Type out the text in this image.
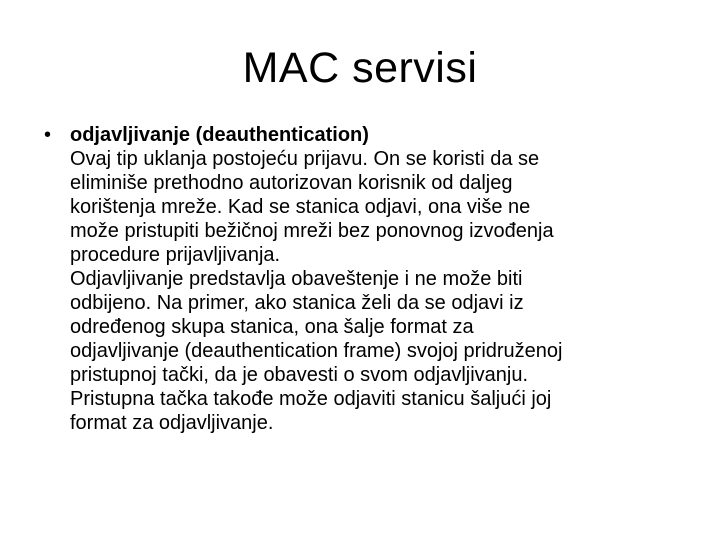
MAC servisi
• odjavljivanje (deauthentication)
Ovaj tip uklanja postojeću prijavu. On se koristi da se
eliminiše prethodno autorizovan korisnik od daljeg
korištenja mreže. Kad se stanica odjavi, ona više ne
može pristupiti bežičnoj mreži bez ponovnog izvođenja
procedure prijavljivanja.
Odjavljivanje predstavlja obaveštenje i ne može biti
odbijeno. Na primer, ako stanica želi da se odjavi iz
određenog skupa stanica, ona šalje format za
odjavljivanje (deauthentication frame) svojoj pridruženoj
pristupnoj tački, da je obavesti o svom odjavljivanju.
Pristupna tačka takođe može odjaviti stanicu šaljući joj
format za odjavljivanje.
